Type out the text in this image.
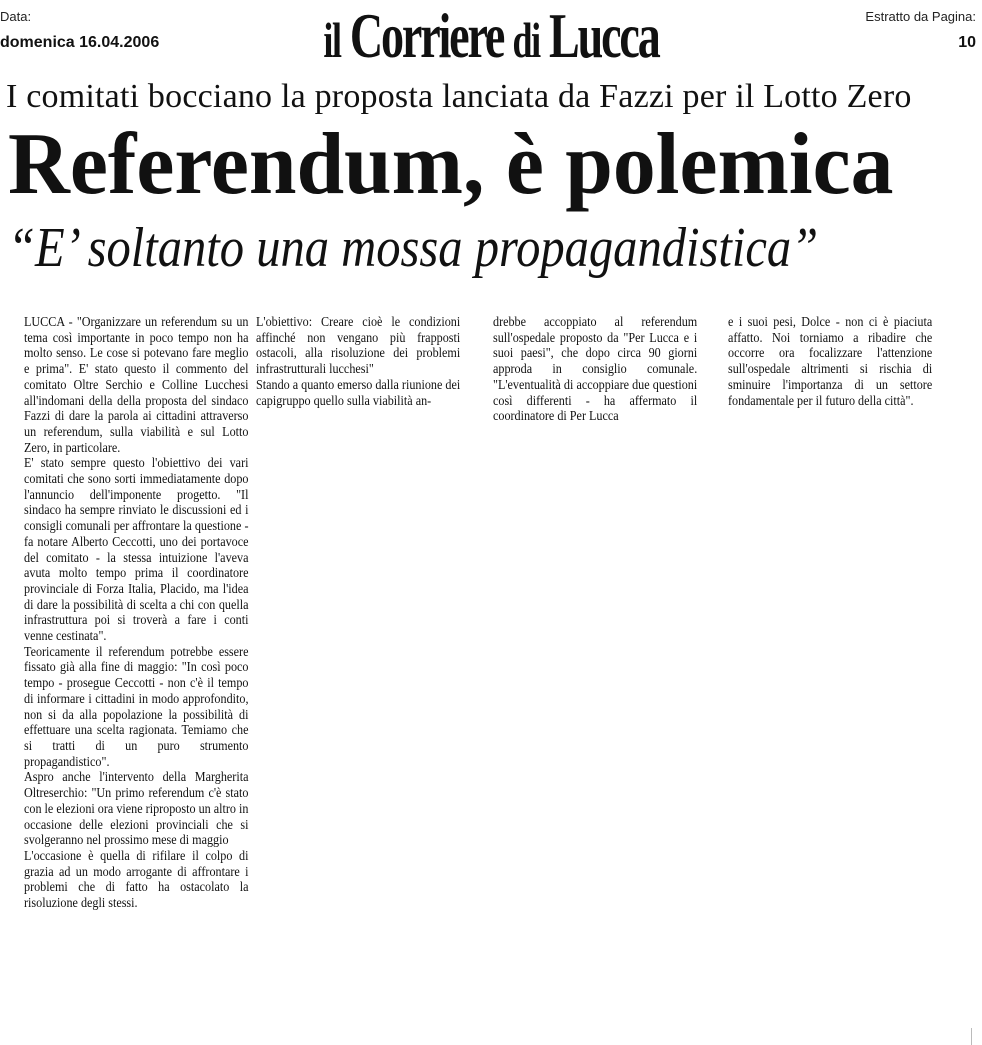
Data:
domenica 16.04.2006	il Corriere di Lucca	Estratto da Pagina:
10
I comitati bocciano la proposta lanciata da Fazzi per il Lotto Zero
Referendum, è polemica
“E’ soltanto una mossa propagandistica”

LUCCA - "Organizzare un referendum su un tema così importante in poco tempo non ha molto senso. Le cose si potevano fare meglio e prima". E' stato questo il commento del comitato Oltre Serchio e Colline Lucchesi all'indomani della della proposta del sindaco Fazzi di dare la parola ai cittadini attraverso un referendum, sulla viabilità e sul Lotto Zero, in particolare.

E' stato sempre questo l'obiettivo dei vari comitati che sono sorti immediatamente dopo l'annuncio dell'imponente progetto. "Il sindaco ha sempre rinviato le discussioni ed i consigli comunali per affrontare la questione - fa notare Alberto Ceccotti, uno dei portavoce del comitato - la stessa intuizione l'aveva avuta molto tempo prima il coordinatore provinciale di Forza Italia, Placido, ma l'idea di dare la possibilità di scelta a chi con quella infrastruttura poi si troverà a fare i conti venne cestinata".

Teoricamente il referendum potrebbe essere fissato già alla fine di maggio: "In così poco tempo - prosegue Ceccotti - non c'è il tempo di informare i cittadini in modo approfondito, non si da alla popolazione la possibilità di effettuare una scelta ragionata. Temiamo che si tratti di un puro strumento propagandistico".

Aspro anche l'intervento della Margherita Oltreserchio: "Un primo referendum c'è stato con le elezioni ora viene riproposto un altro in occasione delle elezioni provinciali che si svolgeranno nel prossimo mese di maggio

L'occasione è quella di rifilare il colpo di grazia ad un modo arrogante di affrontare i problemi che di fatto ha ostacolato la risoluzione degli stessi.

L'obiettivo: Creare cioè le condizioni affinché non vengano più frapposti ostacoli, alla risoluzione dei problemi infrastrutturali lucchesi"

Stando a quanto emerso dalla riunione dei capigruppo quello sulla viabilità an-

drebbe accoppiato al referendum sull'ospedale proposto da "Per Lucca e i suoi paesi", che dopo circa 90 giorni approda in consiglio comunale. "L'eventualità di accoppiare due questioni così differenti - ha affermato il coordinatore di Per Lucca

e i suoi pesi, Dolce - non ci è piaciuta affatto. Noi torniamo a ribadire che occorre ora focalizzare l'attenzione sull'ospedale altrimenti si rischia di sminuire l'importanza di un settore fondamentale per il futuro della città".
